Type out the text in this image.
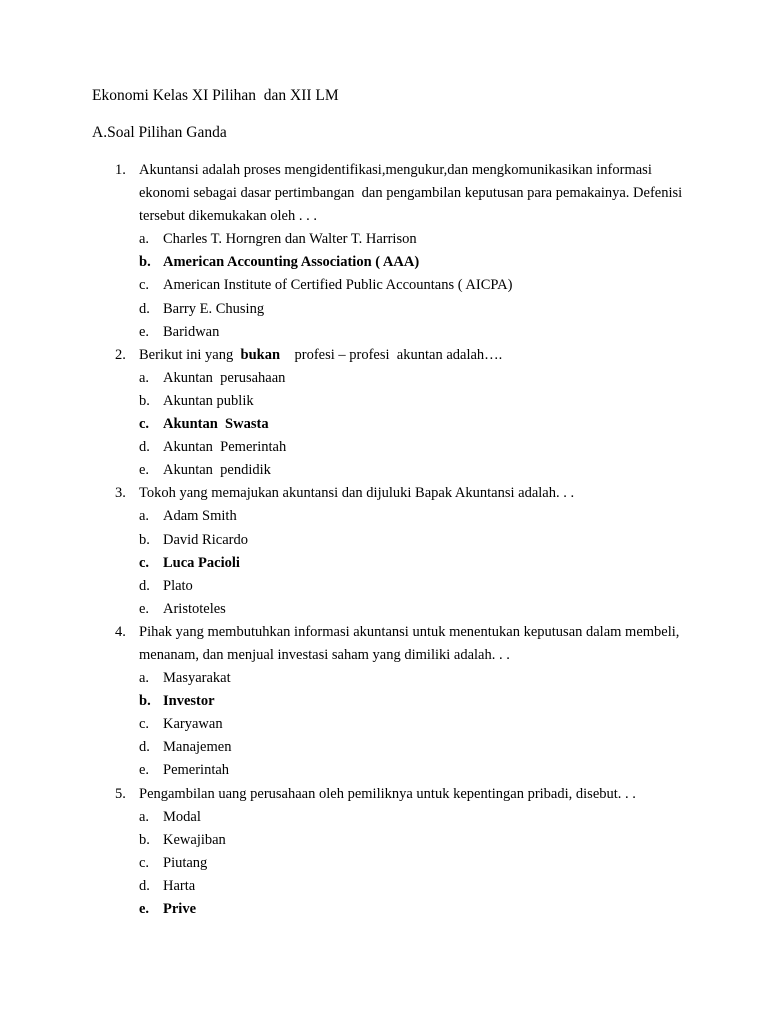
Ekonomi Kelas XI Pilihan  dan XII LM
A.Soal Pilihan Ganda

1.

Akuntansi adalah proses mengidentifikasi,mengukur,dan mengkomunikasikan informasi

ekonomi sebagai dasar pertimbangan  dan pengambilan keputusan para pemakainya. Defenisi

tersebut dikemukakan oleh . . .

a.

Charles T. Horngren dan Walter T. Harrison

b.

American Accounting Association ( AAA)

c.

American Institute of Certified Public Accountans ( AICPA)

d.

Barry E. Chusing

e.

Baridwan

2.

Berikut ini yang  bukan    profesi – profesi  akuntan adalah….

a.

Akuntan  perusahaan

b.

Akuntan publik

c.

Akuntan  Swasta

d.

Akuntan  Pemerintah

e.

Akuntan  pendidik

3.

Tokoh yang memajukan akuntansi dan dijuluki Bapak Akuntansi adalah. . .

a.

Adam Smith

b.

David Ricardo

c.

Luca Pacioli

d.

Plato

e.

Aristoteles

4.

Pihak yang membutuhkan informasi akuntansi untuk menentukan keputusan dalam membeli,

menanam, dan menjual investasi saham yang dimiliki adalah. . .

a.

Masyarakat

b.

Investor

c.

Karyawan

d.

Manajemen

e.

Pemerintah

5.

Pengambilan uang perusahaan oleh pemiliknya untuk kepentingan pribadi, disebut. . .

a.

Modal

b.

Kewajiban

c.

Piutang

d.

Harta

e.

Prive
